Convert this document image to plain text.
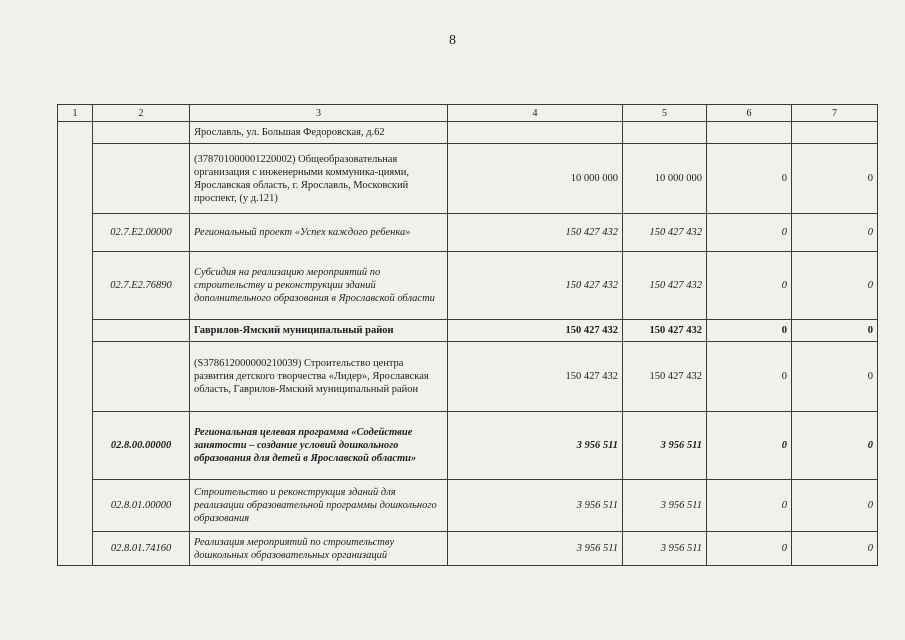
8
1	2	3	4	5	6	7
		Ярославль, ул. Большая Федоровская, д.62				
		(378701000001220002) Общеобразовательная организация с инженерными коммуника-циями, Ярославская область, г. Ярославль, Московский проспект, (у д.121)	10 000 000	10 000 000	0	0
	02.7.E2.00000	Региональный проект «Успех каждого ребенка»	150 427 432	150 427 432	0	0
	02.7.E2.76890	Субсидия на реализацию мероприятий по строительству и реконструкции зданий дополнительного образования в Ярославской области	150 427 432	150 427 432	0	0
		Гаврилов-Ямский муниципальный район	150 427 432	150 427 432	0	0
		(S378612000000210039) Строительство центра развития детского творчества «Лидер», Ярославская область, Гаврилов-Ямский муниципальный район	150 427 432	150 427 432	0	0
	02.8.00.00000	Региональная целевая программа «Содействие занятости – создание условий дошкольного образования для детей в Ярославской области»	3 956 511	3 956 511	0	0
	02.8.01.00000	Строительство и реконструкция зданий для реализации образовательной программы дошкольного образования	3 956 511	3 956 511	0	0
	02.8.01.74160	Реализация мероприятий по строительству дошкольных образовательных организаций	3 956 511	3 956 511	0	0
